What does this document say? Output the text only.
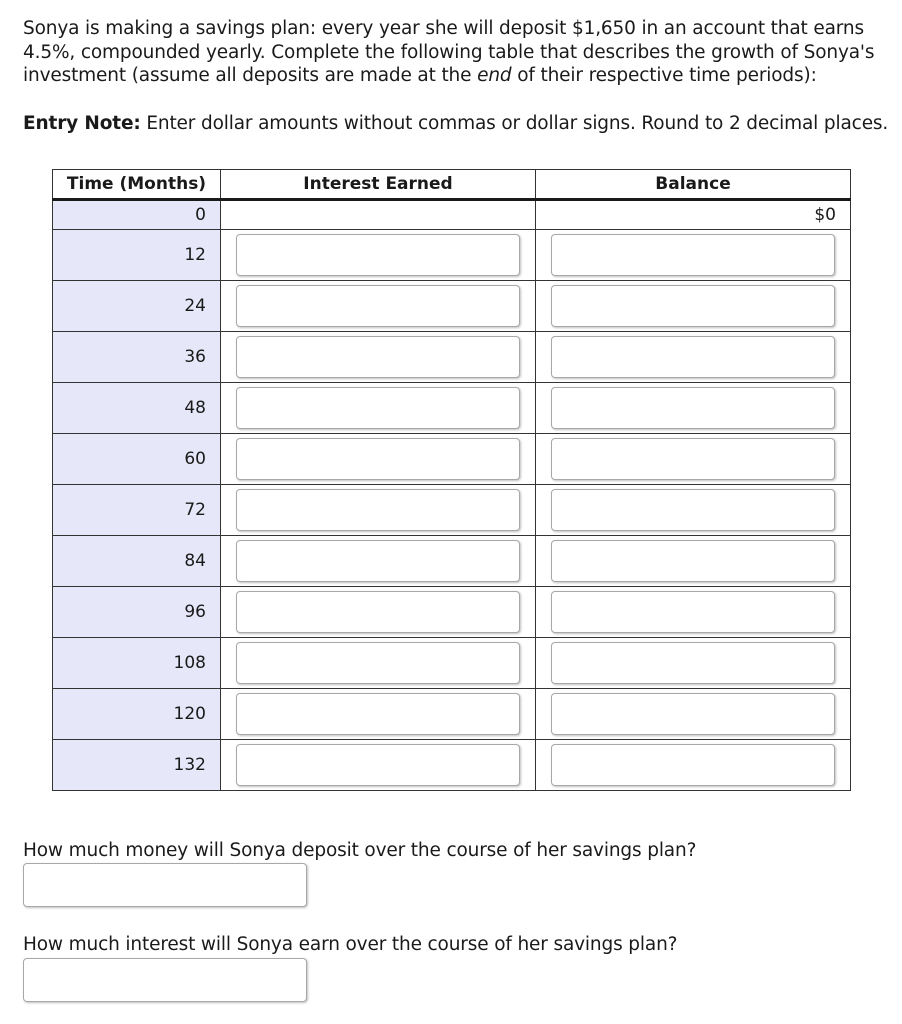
Sonya is making a savings plan: every year she will deposit $1,650 in an account that earns 4.5%, compounded yearly. Complete the following table that describes the growth of Sonya's investment (assume all deposits are made at the end of their respective time periods):
Entry Note: Enter dollar amounts without commas or dollar signs. Round to 2 decimal places.
Time (Months)	Interest Earned	Balance
0		$0
12	

24	

36	

48	

60	

72	

84	

96	

108	

120	

132	

How much money will Sonya deposit over the course of her savings plan?
How much interest will Sonya earn over the course of her savings plan?
